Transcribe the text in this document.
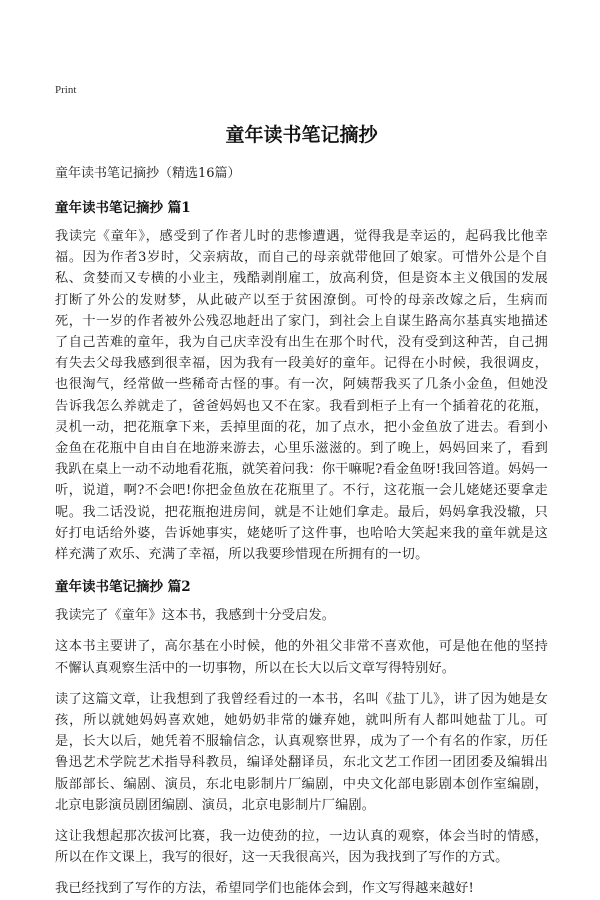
Print
童年读书笔记摘抄

童年读书笔记摘抄（精选16篇）

童年读书笔记摘抄 篇1

我读完《童年》，感受到了作者儿时的悲惨遭遇，觉得我是幸运的，起码我比他幸福。因为作者3岁时，父亲病故，而自己的母亲就带他回了娘家。可惜外公是个自私、贪婪而又专横的小业主，残酷剥削雇工，放高利贷，但是资本主义俄国的发展打断了外公的发财梦，从此破产以至于贫困潦倒。可怜的母亲改嫁之后，生病而死，十一岁的作者被外公残忍地赶出了家门，到社会上自谋生路高尔基真实地描述了自己苦难的童年，我为自己庆幸没有出生在那个时代，没有受到这种苦，自己拥有失去父母我感到很幸福，因为我有一段美好的童年。记得在小时候，我很调皮，也很淘气，经常做一些稀奇古怪的事。有一次，阿姨帮我买了几条小金鱼，但她没告诉我怎么养就走了，爸爸妈妈也又不在家。我看到柜子上有一个插着花的花瓶，灵机一动，把花瓶拿下来，丢掉里面的花，加了点水，把小金鱼放了进去。看到小金鱼在花瓶中自由自在地游来游去，心里乐滋滋的。到了晚上，妈妈回来了，看到我趴在桌上一动不动地看花瓶，就笑着问我：你干嘛呢?看金鱼呀!我回答道。妈妈一听，说道，啊?不会吧!你把金鱼放在花瓶里了。不行，这花瓶一会儿姥姥还要拿走呢。我二话没说，把花瓶抱进房间，就是不让她们拿走。最后，妈妈拿我没辙，只好打电话给外婆，告诉她事实，姥姥听了这件事，也哈哈大笑起来我的童年就是这样充满了欢乐、充满了幸福，所以我要珍惜现在所拥有的一切。

童年读书笔记摘抄 篇2

我读完了《童年》这本书，我感到十分受启发。

这本书主要讲了，高尔基在小时候，他的外祖父非常不喜欢他，可是他在他的坚持不懈认真观察生活中的一切事物，所以在长大以后文章写得特别好。

读了这篇文章，让我想到了我曾经看过的一本书，名叫《盐丁儿》，讲了因为她是女孩，所以就她妈妈喜欢她，她奶奶非常的嫌弃她，就叫所有人都叫她盐丁儿。可是，长大以后，她凭着不服输信念，认真观察世界，成为了一个有名的作家，历任鲁迅艺术学院艺术指导科教员，编译处翻译员，东北文艺工作团一团团委及编辑出版部部长、编剧、演员，东北电影制片厂编剧，中央文化部电影剧本创作室编剧，北京电影演员剧团编剧、演员，北京电影制片厂编剧。

这让我想起那次拔河比赛，我一边使劲的拉，一边认真的观察，体会当时的情感，所以在作文课上，我写的很好，这一天我很高兴，因为我找到了写作的方式。

我已经找到了写作的方法，希望同学们也能体会到，作文写得越来越好!
